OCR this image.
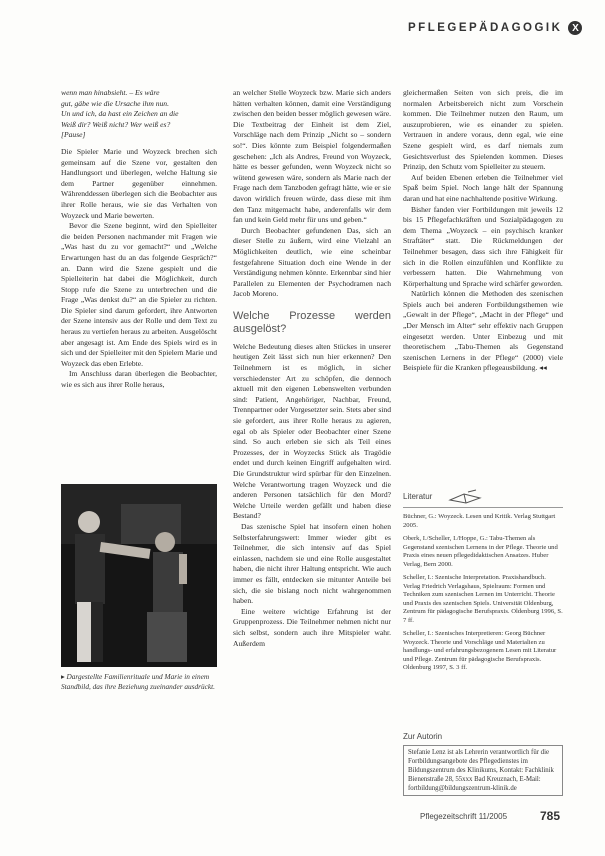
PFLEGEPÄDAGOGIK X

wenn man hinabsieht. – Es wäre

gut, gäbe wie die Ursache ihm nun.

Un und ich, da hast ein Zeichen an die

Weiß dir? Weiß nicht? Wer weiß es?

[Pause]

Die Spieler Marie und Woyzeck brechen sich gemeinsam auf die Szene vor, gestalten den Handlungsort und überlegen, welche Haltung sie dem Partner gegenüber einnehmen. Währenddessen überlegen sich die Beobachter aus ihrer Rolle heraus, wie sie das Verhalten von Woyzeck und Marie bewerten.

Bevor die Szene beginnt, wird den Spielleiter die beiden Personen nachmander mit Fragen wie „Was hast du zu vor gemacht?“ und „Welche Erwartungen hast du an das folgende Gespräch?“ an. Dann wird die Szene gespielt und die Spielleiterin hat dabei die Möglichkeit, durch Stopp rufe die Szene zu unterbrechen und die Frage „Was denkst du?“ an die Spieler zu richten. Die Spieler sind darum gefordert, ihre Antworten der Szene intensiv aus der Rolle und dem Text zu heraus zu vertiefen heraus zu arbeiten. Ausgelöscht aber angesagt ist. Am Ende des Spiels wird es in sich und der Spielleiter mit den Spielern Marie und Woyzeck das eben Erlebte.

Im Anschluss daran überlegen die Beobachter, wie es sich aus ihrer Rolle heraus,

▸ Dargestellte Familienrituale und Marie in einem Standbild, das ihre Beziehung zueinander ausdrückt.

an welcher Stelle Woyzeck bzw. Marie sich anders hätten verhalten können, damit eine Verständigung zwischen den beiden besser möglich gewesen wäre. Die Textbeitrag der Einheit ist dem Ziel, Vorschläge nach dem Prinzip „Nicht so – sondern so!“. Dies könnte zum Beispiel folgendermaßen geschehen: „Ich als Andres, Freund von Woyzeck, hätte es besser gefunden, wenn Woyzeck nicht so wütend gewesen wäre, sondern als Marie nach der Frage nach dem Tanzboden gefragt hätte, wie er sie davon wirklich freuen würde, dass diese mit ihm den Tanz mitgemacht habe, anderenfalls wir dem fan und kein Geld mehr für uns und geben.“

Durch Beobachter gefundenen Das, sich an dieser Stelle zu äußern, wird eine Vielzahl an Möglichkeiten deutlich, wie eine scheinbar festgefahrene Situation doch eine Wende in der Verständigung nehmen könnte. Erkennbar sind hier Parallelen zu Elementen der Psychodramen nach Jacob Moreno.

Welche Prozesse werden ausgelöst?

Welche Bedeutung dieses alten Stückes in unserer heutigen Zeit lässt sich nun hier erkennen? Den Teilnehmern ist es möglich, in sicher verschiedenster Art zu schöpfen, die dennoch aktuell mit den eigenen Lebenswelten verbunden sind: Patient, Angehöriger, Nachbar, Freund, Trennpartner oder Vorgesetzter sein. Stets aber sind sie gefordert, aus ihrer Rolle heraus zu agieren, egal ob als Spieler oder Beobachter einer Szene sind. So auch erleben sie sich als Teil eines Prozesses, der in Woyzecks Stück als Tragödie endet und durch keinen Eingriff aufgehalten wird. Die Grundstruktur wird spürbar für den Einzelnen. Welche Verantwortung tragen Woyzeck und die anderen Personen tatsächlich für den Mord? Welche Urteile werden gefällt und haben diese Bestand?

Das szenische Spiel hat insofern einen hohen Selbsterfahrungswert: Immer wieder gibt es Teilnehmer, die sich intensiv auf das Spiel einlassen, nachdem sie und eine Rolle ausgestaltet haben, die nicht ihrer Haltung entspricht. Wie auch immer es fällt, entdecken sie mitunter Anteile bei sich, die sie bislang noch nicht wahrgenommen haben.

Eine weitere wichtige Erfahrung ist der Gruppenprozess. Die Teilnehmer nehmen nicht nur sich selbst, sondern auch ihre Mitspieler wahr. Außerdem

gleichermaßen Seiten von sich preis, die im normalen Arbeitsbereich nicht zum Vorschein kommen. Die Teilnehmer nutzen den Raum, um auszuprobieren, wie es einander zu spielen. Vertrauen in andere voraus, denn egal, wie eine Szene gespielt wird, es darf niemals zum Gesichtsverlust des Spielenden kommen. Dieses Prinzip, den Schutz vom Spielleiter zu steuern.

Auf beiden Ebenen erleben die Teilnehmer viel Spaß beim Spiel. Noch lange hält der Spannung daran und hat eine nachhaltende positive Wirkung.

Bisher fanden vier Fortbildungen mit jeweils 12 bis 15 Pflegefachkräften und Sozialpädagogen zu dem Thema „Woyzeck – ein psychisch kranker Straftäter“ statt. Die Rückmeldungen der Teilnehmer besagen, dass sich ihre Fähigkeit für sich in die Rollen einzufühlen und Konflikte zu verbessern hatten. Die Wahrnehmung von Körperhaltung und Sprache wird schärfer geworden.

Natürlich können die Methoden des szenischen Spiels auch bei anderen Fortbildungsthemen wie „Gewalt in der Pflege“, „Macht in der Pflege“ und „Der Mensch im Alter“ sehr effektiv nach Gruppen eingesetzt werden. Unter Einbezug und mit theoretischem „Tabu-Themen als Gegenstand szenischen Lernens in der Pflege“ (2000) viele Beispiele für die Kranken pflegeausbildung. ◂◂

Literatur

Büchner, G.: Woyzeck. Lesen und Kritik. Verlag Stuttgart 2005.

Oberk, I./Scheller, I./Hoppe, G.: Tabu-Themen als Gegenstand szenischen Lernens in der Pflege. Theorie und Praxis eines neuen pflegedidaktischen Ansatzes. Huber Verlag, Bern 2000.

Scheller, I.: Szenische Interpretation. Praxishandbuch. Verlag Friedrich Verlagshaus, Spielraum: Formen und Techniken zum szenischen Lernen im Unterricht. Theorie und Praxis des szenischen Spiels. Universität Oldenburg, Zentrum für pädagogische Berufspraxis. Oldenburg 1996, S. 7 ff.

Scheller, I.: Szenisches Interpretieren: Georg Büchner Woyzeck. Theorie und Vorschläge und Materialien zu handlungs- und erfahrungsbezogenem Lesen mit Literatur und Pflege. Zentrum für pädagogische Berufspraxis. Oldenburg 1997, S. 3 ff.

Zur Autorin
Stefanie Lenz ist als Lehrerin verantwortlich für die Fortbildungsangebote des Pflegedienstes im Bildungszentrum des Klinikums, Kontakt: Fachklinik Bienenstraße 28, 55xxx Bad Kreuznach, E-Mail: fortbildung@bildungszentrum-klinik.de
Pflegezeitschrift 11/2005	785
